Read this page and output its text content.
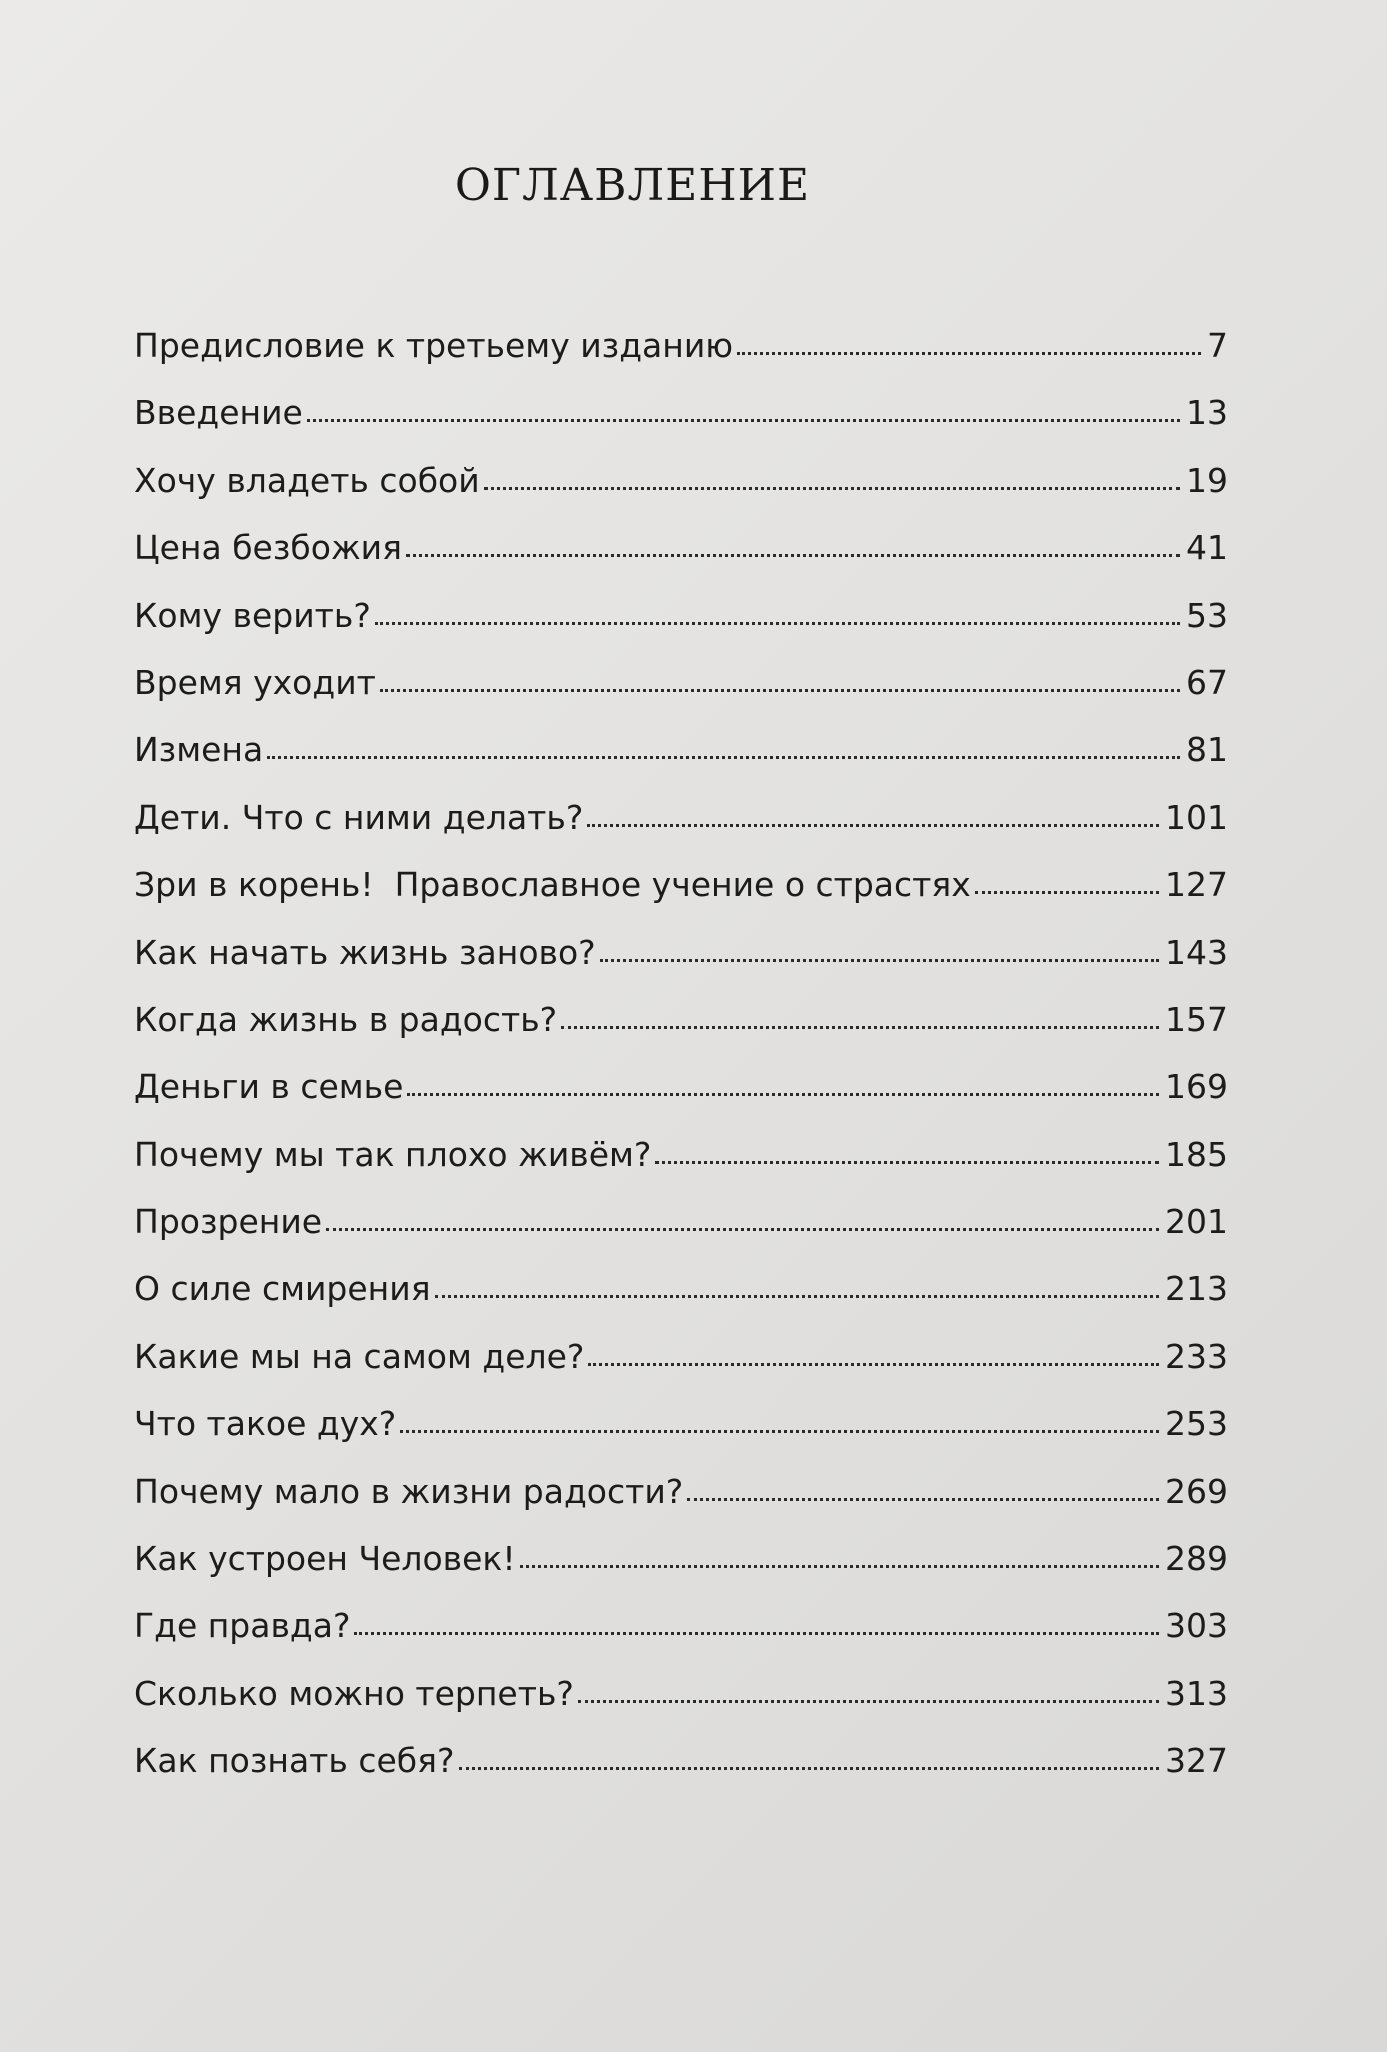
ОГЛАВЛЕНИЕ
Предисловие к третьему изданию	7
Введение	13
Хочу владеть собой	19
Цена безбожия	41
Кому верить?	53
Время уходит	67
Измена	81
Дети. Что с ними делать?	101
Зри в корень!  Православное учение о страстях	127
Как начать жизнь заново?	143
Когда жизнь в радость?	157
Деньги в семье	169
Почему мы так плохо живём?	185
Прозрение	201
О силе смирения	213
Какие мы на самом деле?	233
Что такое дух?	253
Почему мало в жизни радости?	269
Как устроен Человек!	289
Где правда?	303
Сколько можно терпеть?	313
Как познать себя?	327
